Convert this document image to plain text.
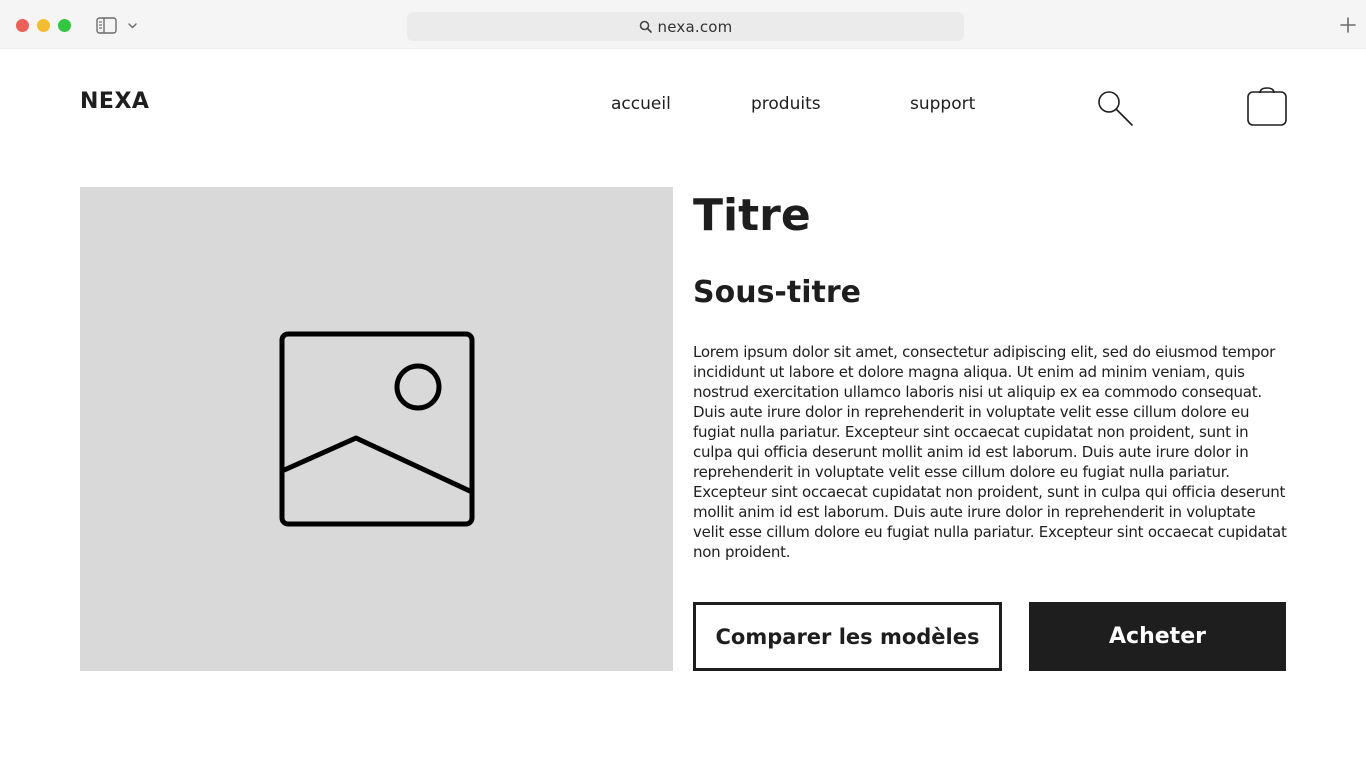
nexa.com
NEXA	accueil	produits	support
Titre
Sous-titre

Lorem ipsum dolor sit amet, consectetur adipiscing elit, sed do eiusmod tempor incididunt ut labore et dolore magna aliqua. Ut enim ad minim veniam, quis nostrud exercitation ullamco laboris nisi ut aliquip ex ea commodo consequat. Duis aute irure dolor in reprehenderit in voluptate velit esse cillum dolore eu fugiat nulla pariatur. Excepteur sint occaecat cupidatat non proident, sunt in culpa qui officia deserunt mollit anim id est laborum. Duis aute irure dolor in reprehenderit in voluptate velit esse cillum dolore eu fugiat nulla pariatur. Excepteur sint occaecat cupidatat non proident, sunt in culpa qui officia deserunt mollit anim id est laborum. Duis aute irure dolor in reprehenderit in voluptate velit esse cillum dolore eu fugiat nulla pariatur. Excepteur sint occaecat cupidatat non proident.

Comparer les modèles	Acheter
